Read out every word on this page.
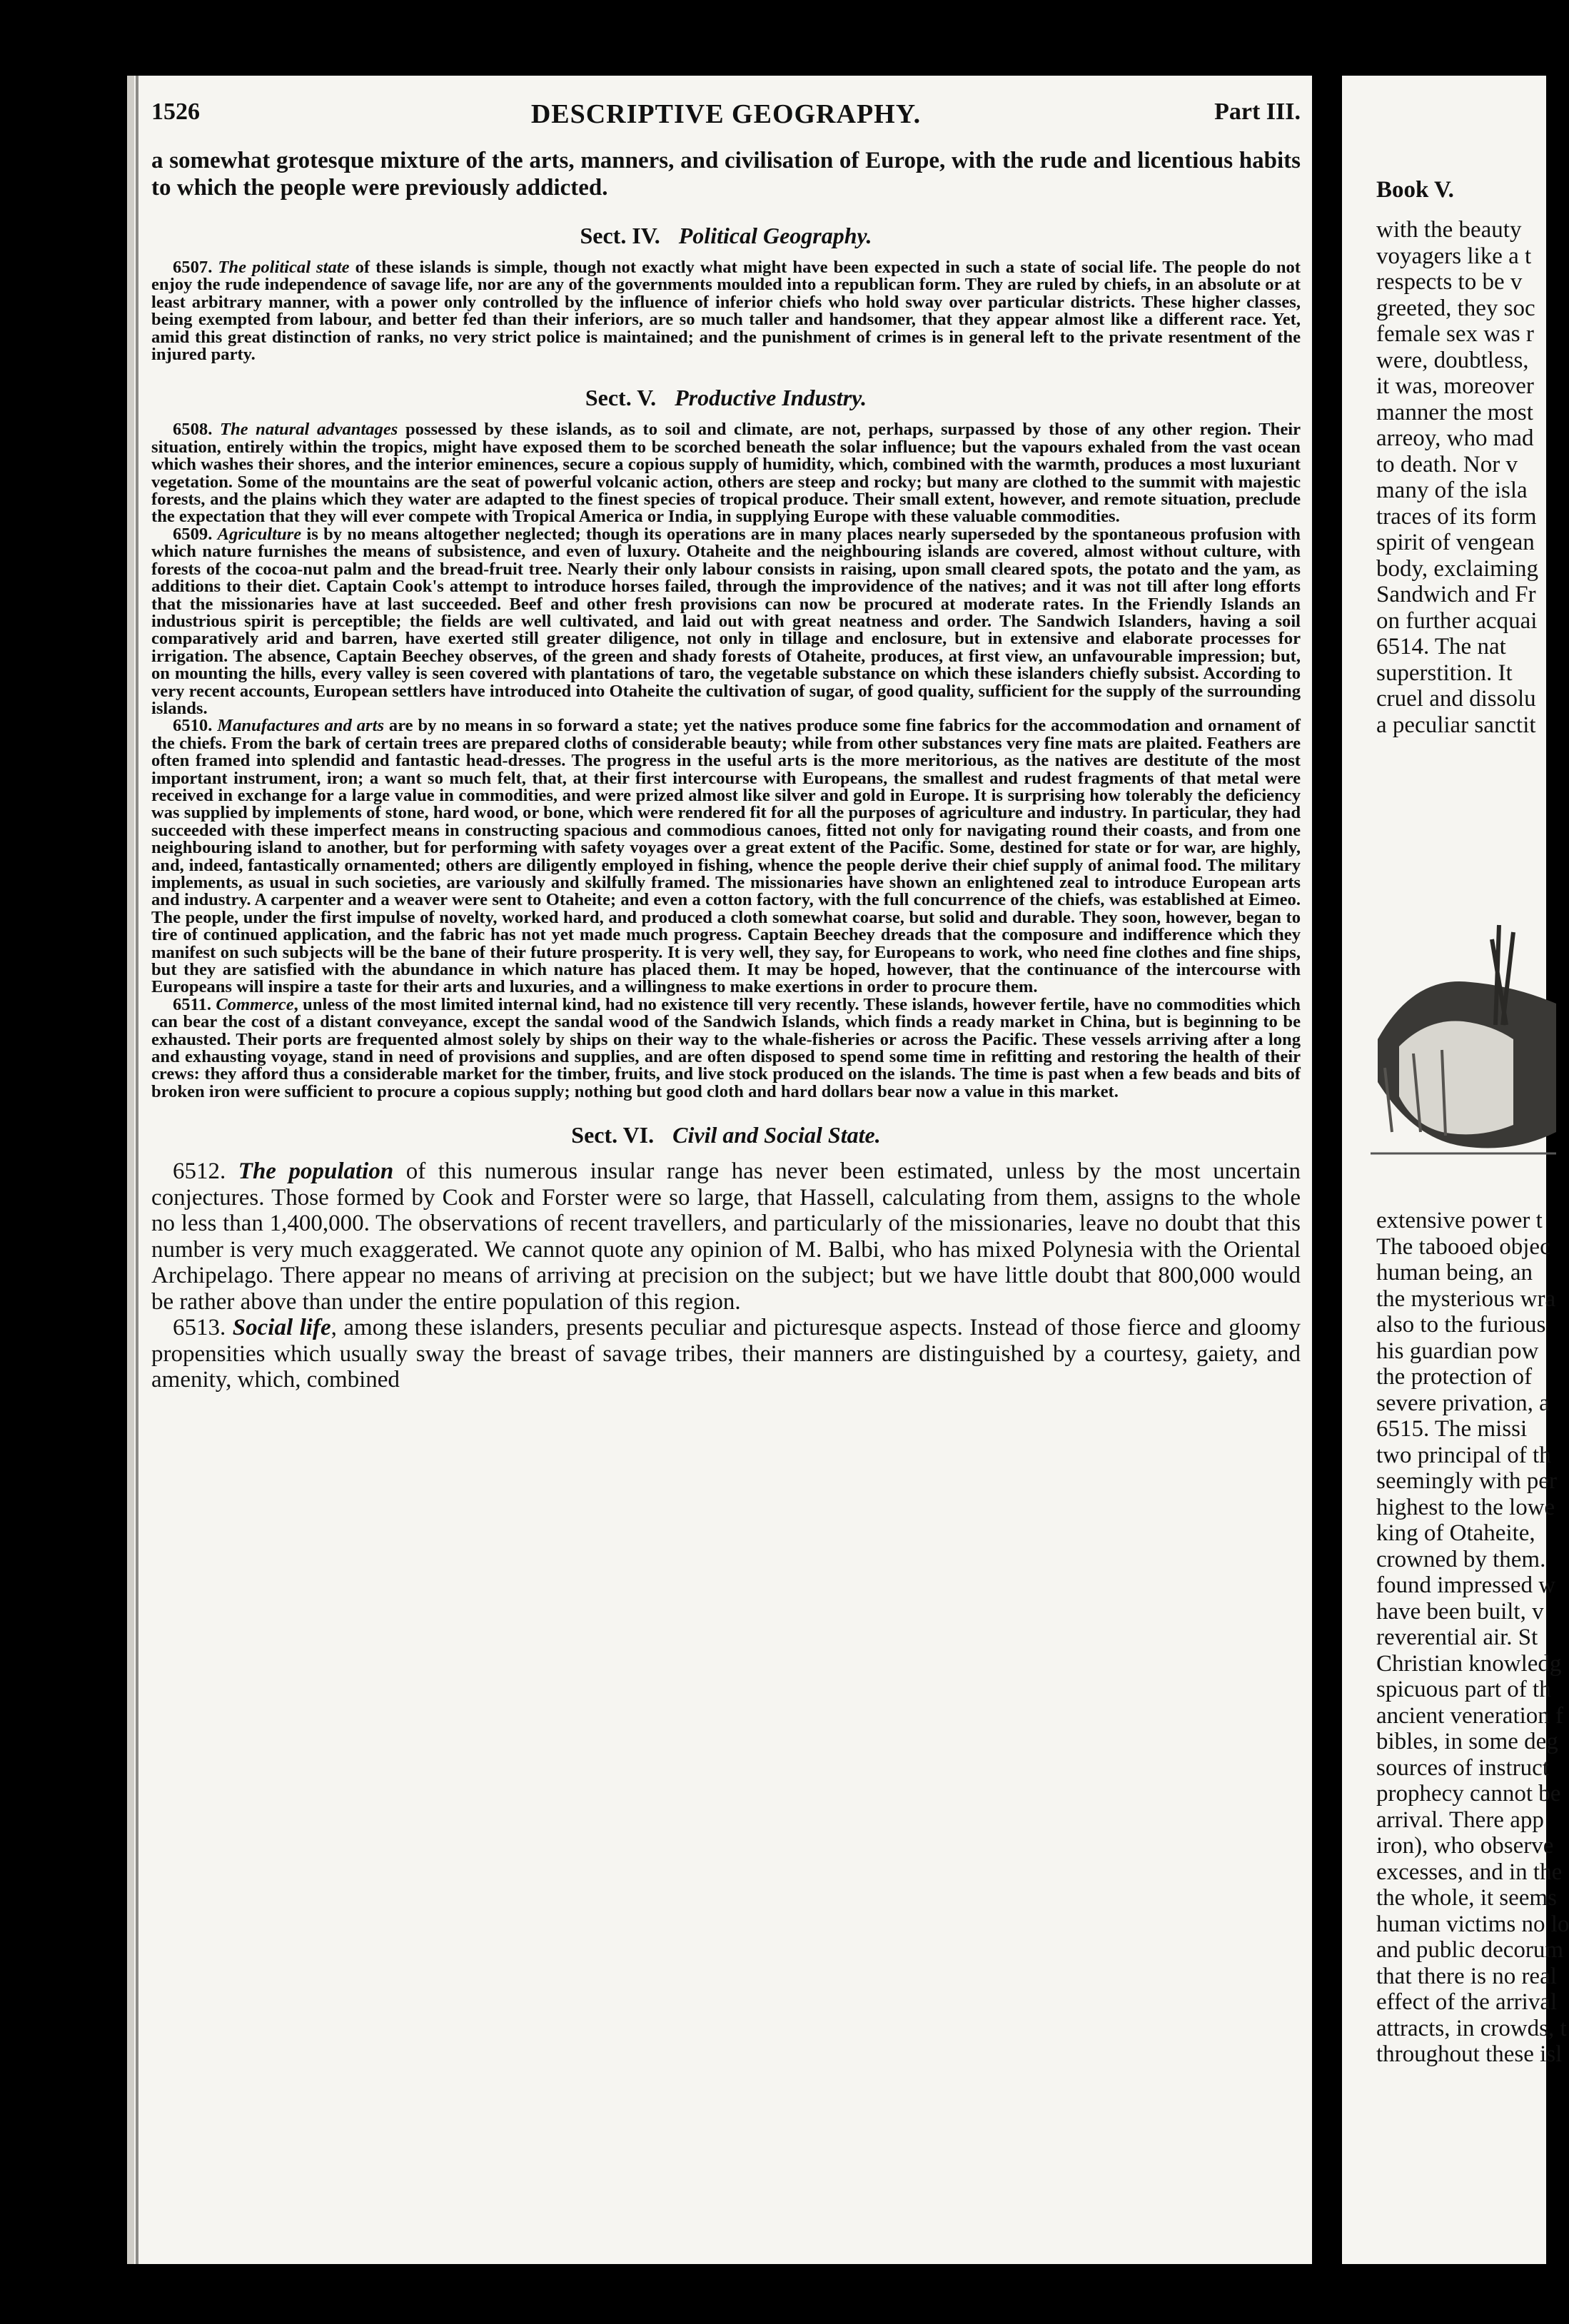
1526	DESCRIPTIVE GEOGRAPHY.	Part III.

a somewhat grotesque mixture of the arts, manners, and civilisation of Europe, with the rude and licentious habits to which the people were previously addicted.

Sect. IV. Political Geography.

6507. The political state of these islands is simple, though not exactly what might have been expected in such a state of social life. The people do not enjoy the rude independence of savage life, nor are any of the governments moulded into a republican form. They are ruled by chiefs, in an absolute or at least arbitrary manner, with a power only controlled by the influence of inferior chiefs who hold sway over particular districts. These higher classes, being exempted from labour, and better fed than their inferiors, are so much taller and handsomer, that they appear almost like a different race. Yet, amid this great distinction of ranks, no very strict police is maintained; and the punishment of crimes is in general left to the private resentment of the injured party.

Sect. V. Productive Industry.

6508. The natural advantages possessed by these islands, as to soil and climate, are not, perhaps, surpassed by those of any other region. Their situation, entirely within the tropics, might have exposed them to be scorched beneath the solar influence; but the vapours exhaled from the vast ocean which washes their shores, and the interior eminences, secure a copious supply of humidity, which, combined with the warmth, produces a most luxuriant vegetation. Some of the mountains are the seat of powerful volcanic action, others are steep and rocky; but many are clothed to the summit with majestic forests, and the plains which they water are adapted to the finest species of tropical produce. Their small extent, however, and remote situation, preclude the expectation that they will ever compete with Tropical America or India, in supplying Europe with these valuable commodities.

6509. Agriculture is by no means altogether neglected; though its operations are in many places nearly superseded by the spontaneous profusion with which nature furnishes the means of subsistence, and even of luxury. Otaheite and the neighbouring islands are covered, almost without culture, with forests of the cocoa-nut palm and the bread-fruit tree. Nearly their only labour consists in raising, upon small cleared spots, the potato and the yam, as additions to their diet. Captain Cook's attempt to introduce horses failed, through the improvidence of the natives; and it was not till after long efforts that the missionaries have at last succeeded. Beef and other fresh provisions can now be procured at moderate rates. In the Friendly Islands an industrious spirit is perceptible; the fields are well cultivated, and laid out with great neatness and order. The Sandwich Islanders, having a soil comparatively arid and barren, have exerted still greater diligence, not only in tillage and enclosure, but in extensive and elaborate processes for irrigation. The absence, Captain Beechey observes, of the green and shady forests of Otaheite, produces, at first view, an unfavourable impression; but, on mounting the hills, every valley is seen covered with plantations of taro, the vegetable substance on which these islanders chiefly subsist. According to very recent accounts, European settlers have introduced into Otaheite the cultivation of sugar, of good quality, sufficient for the supply of the surrounding islands.

6510. Manufactures and arts are by no means in so forward a state; yet the natives produce some fine fabrics for the accommodation and ornament of the chiefs. From the bark of certain trees are prepared cloths of considerable beauty; while from other substances very fine mats are plaited. Feathers are often framed into splendid and fantastic head-dresses. The progress in the useful arts is the more meritorious, as the natives are destitute of the most important instrument, iron; a want so much felt, that, at their first intercourse with Europeans, the smallest and rudest fragments of that metal were received in exchange for a large value in commodities, and were prized almost like silver and gold in Europe. It is surprising how tolerably the deficiency was supplied by implements of stone, hard wood, or bone, which were rendered fit for all the purposes of agriculture and industry. In particular, they had succeeded with these imperfect means in constructing spacious and commodious canoes, fitted not only for navigating round their coasts, and from one neighbouring island to another, but for performing with safety voyages over a great extent of the Pacific. Some, destined for state or for war, are highly, and, indeed, fantastically ornamented; others are diligently employed in fishing, whence the people derive their chief supply of animal food. The military implements, as usual in such societies, are variously and skilfully framed. The missionaries have shown an enlightened zeal to introduce European arts and industry. A carpenter and a weaver were sent to Otaheite; and even a cotton factory, with the full concurrence of the chiefs, was established at Eimeo. The people, under the first impulse of novelty, worked hard, and produced a cloth somewhat coarse, but solid and durable. They soon, however, began to tire of continued application, and the fabric has not yet made much progress. Captain Beechey dreads that the composure and indifference which they manifest on such subjects will be the bane of their future prosperity. It is very well, they say, for Europeans to work, who need fine clothes and fine ships, but they are satisfied with the abundance in which nature has placed them. It may be hoped, however, that the continuance of the intercourse with Europeans will inspire a taste for their arts and luxuries, and a willingness to make exertions in order to procure them.

6511. Commerce, unless of the most limited internal kind, had no existence till very recently. These islands, however fertile, have no commodities which can bear the cost of a distant conveyance, except the sandal wood of the Sandwich Islands, which finds a ready market in China, but is beginning to be exhausted. Their ports are frequented almost solely by ships on their way to the whale-fisheries or across the Pacific. These vessels arriving after a long and exhausting voyage, stand in need of provisions and supplies, and are often disposed to spend some time in refitting and restoring the health of their crews: they afford thus a considerable market for the timber, fruits, and live stock produced on the islands. The time is past when a few beads and bits of broken iron were sufficient to procure a copious supply; nothing but good cloth and hard dollars bear now a value in this market.

Sect. VI. Civil and Social State.

6512. The population of this numerous insular range has never been estimated, unless by the most uncertain conjectures. Those formed by Cook and Forster were so large, that Hassell, calculating from them, assigns to the whole no less than 1,400,000. The observations of recent travellers, and particularly of the missionaries, leave no doubt that this number is very much exaggerated. We cannot quote any opinion of M. Balbi, who has mixed Polynesia with the Oriental Archipelago. There appear no means of arriving at precision on the subject; but we have little doubt that 800,000 would be rather above than under the entire population of this region.

6513. Social life, among these islanders, presents peculiar and picturesque aspects. Instead of those fierce and gloomy propensities which usually sway the breast of savage tribes, their manners are distinguished by a courtesy, gaiety, and amenity, which, combined

Book V.
with the beauty
voyagers like a t
respects to be v
greeted, they soc
female sex was r
were, doubtless,
it was, moreover
manner the most
arreoy, who mad
to death. Nor v
many of the isla
traces of its form
spirit of vengean
body, exclaiming
Sandwich and Fr
on further acquai
6514. The nat
superstition. It
cruel and dissolu
a peculiar sanctit
extensive power t
The tabooed objec
human being, an
the mysterious wra
also to the furious
his guardian pow
the protection of
severe privation, a
6515. The missi
two principal of th
seemingly with per
highest to the lowe
king of Otaheite,
crowned by them.
found impressed w
have been built, v
reverential air. St
Christian knowledg
spicuous part of th
ancient veneration f
bibles, in some deg
sources of instruct
prophecy cannot be
arrival. There app
iron), who observe
excesses, and in the
the whole, it seems
human victims no lo
and public decorum
that there is no real
effect of the arrival
attracts, in crowds, t
throughout these isl
